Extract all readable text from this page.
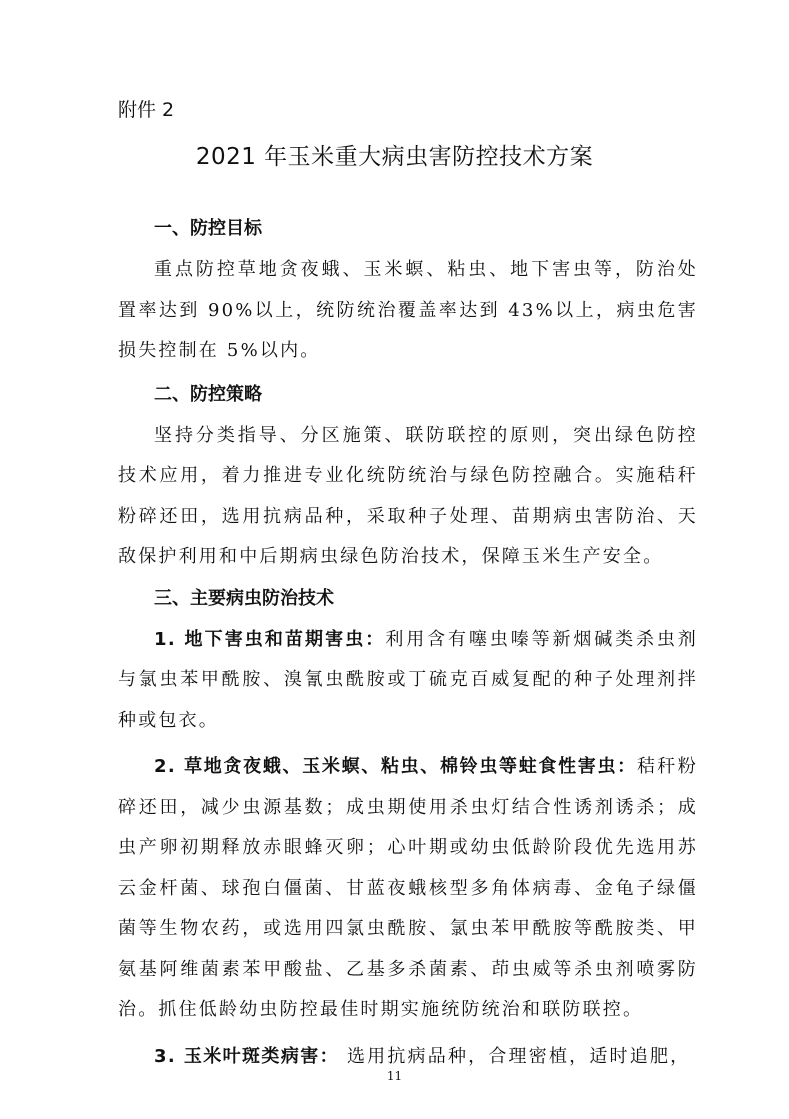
附件 2
2021 年玉米重大病虫害防控技术方案
一、防控目标

重点防控草地贪夜蛾、玉米螟、粘虫、地下害虫等，防治处置率达到 90%以上，统防统治覆盖率达到 43%以上，病虫危害损失控制在 5%以内。

二、防控策略

坚持分类指导、分区施策、联防联控的原则，突出绿色防控技术应用，着力推进专业化统防统治与绿色防控融合。实施秸秆粉碎还田，选用抗病品种，采取种子处理、苗期病虫害防治、天敌保护利用和中后期病虫绿色防治技术，保障玉米生产安全。

三、主要病虫防治技术

1. 地下害虫和苗期害虫：利用含有噻虫嗪等新烟碱类杀虫剂与氯虫苯甲酰胺、溴氰虫酰胺或丁硫克百威复配的种子处理剂拌种或包衣。

2. 草地贪夜蛾、玉米螟、粘虫、棉铃虫等蛀食性害虫：秸秆粉碎还田，减少虫源基数；成虫期使用杀虫灯结合性诱剂诱杀；成虫产卵初期释放赤眼蜂灭卵；心叶期或幼虫低龄阶段优先选用苏云金杆菌、球孢白僵菌、甘蓝夜蛾核型多角体病毒、金龟子绿僵菌等生物农药，或选用四氯虫酰胺、氯虫苯甲酰胺等酰胺类、甲氨基阿维菌素苯甲酸盐、乙基多杀菌素、茚虫威等杀虫剂喷雾防治。抓住低龄幼虫防控最佳时期实施统防统治和联防联控。

3. 玉米叶斑类病害： 选用抗病品种，合理密植，适时追肥，

11
